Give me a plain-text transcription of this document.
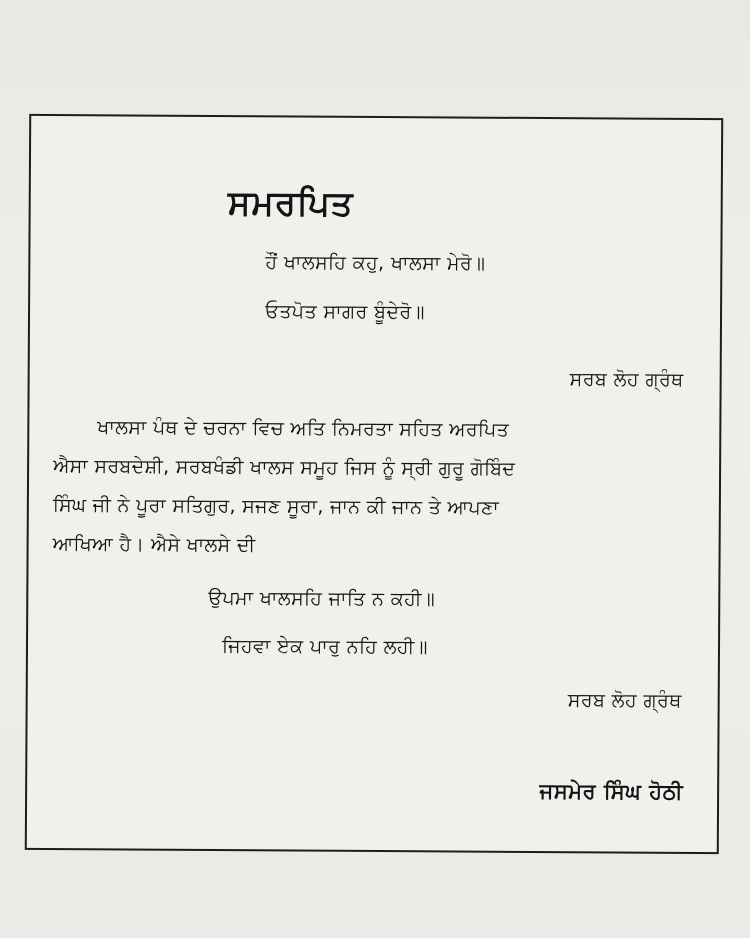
ਸਮਰਪਿਤ
ਹੌਂ ਖਾਲਸਹਿ ਕਹੁ, ਖਾਲਸਾ ਮੇਰੋ॥
ਓਤਪੋਤ ਸਾਗਰ ਬੂੰਦੇਰੋ॥
ਸਰਬ ਲੋਹ ਗ੍ਰੰਥ
ਖਾਲਸਾ ਪੰਥ ਦੇ ਚਰਨਾ ਵਿਚ ਅਤਿ ਨਿਮਰਤਾ ਸਹਿਤ ਅਰਪਿਤ
ਐਸਾ ਸਰਬਦੇਸ਼ੀ, ਸਰਬਖੰਡੀ ਖਾਲਸ ਸਮੂਹ ਜਿਸ ਨੂੰ ਸ੍ਰੀ ਗੁਰੂ ਗੋਬਿੰਦ
ਸਿੰਘ ਜੀ ਨੇ ਪੂਰਾ ਸਤਿਗੁਰ, ਸਜਣ ਸੂਰਾ, ਜਾਨ ਕੀ ਜਾਨ ਤੇ ਆਪਣਾ
ਆਖਿਆ ਹੈ। ਐਸੇ ਖਾਲਸੇ ਦੀ
ਉਪਮਾ ਖਾਲਸਹਿ ਜਾਤਿ ਨ ਕਹੀ॥
ਜਿਹਵਾ ਏਕ ਪਾਰੁ ਨਹਿ ਲਹੀ॥
ਸਰਬ ਲੋਹ ਗ੍ਰੰਥ
ਜਸਮੇਰ ਸਿੰਘ ਹੋਠੀ
